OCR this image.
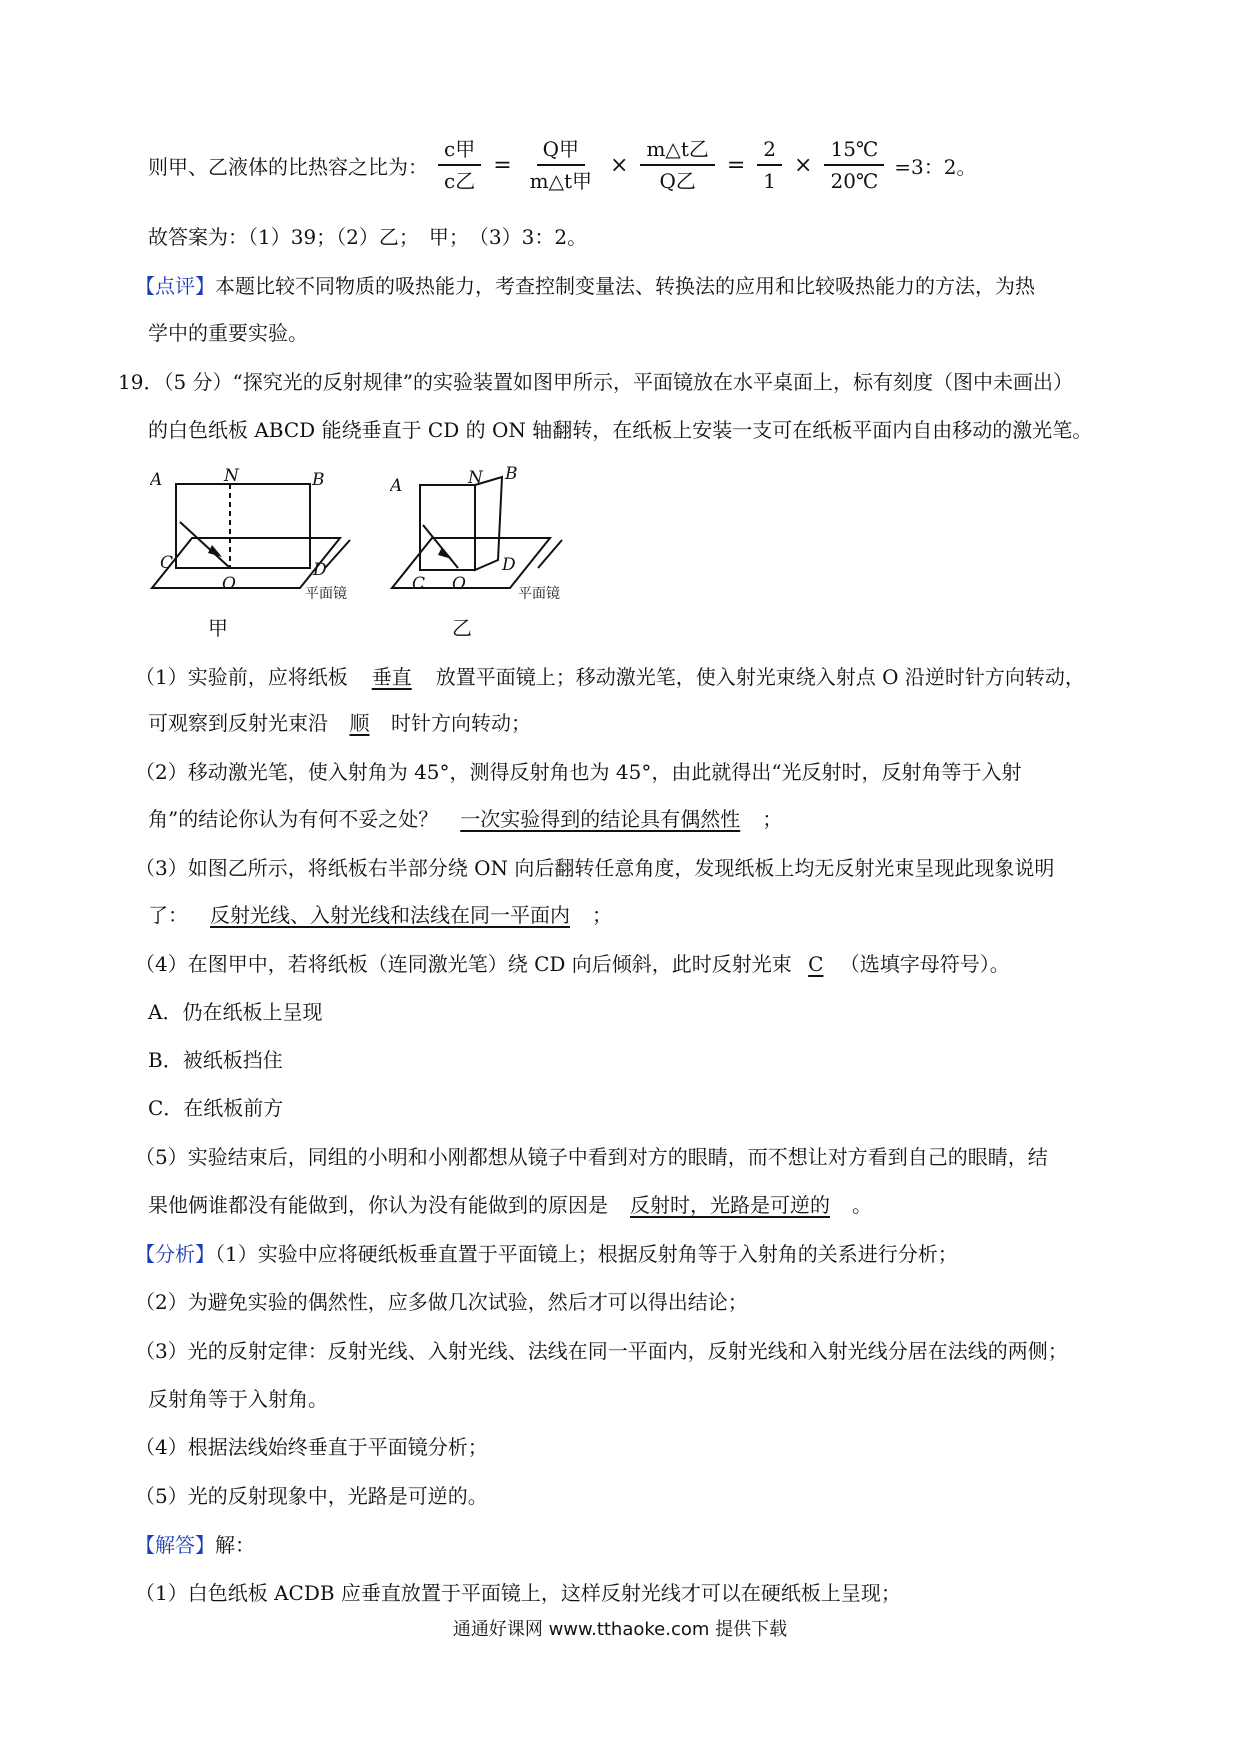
则甲、乙液体的比热容之比为： $\frac{\text{c甲}}{\text{c乙}} = \frac{\text{Q甲}}{\text{m△t甲}} \times \frac{\text{m△t乙}}{\text{Q乙}} = \frac{2}{1} \times \frac{15℃}{20℃} =3$：2。
故答案为：（1）39；（2）乙；　甲；　（3）3：2。
【点评】本题比较不同物质的吸热能力，考查控制变量法、转换法的应用和比较吸热能力的方法，为热
学中的重要实验。
19．（5 分）“探究光的反射规律”的实验装置如图甲所示，平面镜放在水平桌面上，标有刻度（图中未画出）
的白色纸板 ABCD 能绕垂直于 CD 的 ON 轴翻转，在纸板上安装一支可在纸板平面内自由移动的激光笔。
A	N	B
C
O
D
平面镜
甲
A	N B
C O
D
平面镜
乙
（1）实验前，应将纸板 垂直 放置平面镜上；移动激光笔，使入射光束绕入射点 O 沿逆时针方向转动，
可观察到反射光束沿 顺 时针方向转动；
（2）移动激光笔，使入射角为 45°，测得反射角也为 45°，由此就得出“光反射时，反射角等于入射
角”的结论你认为有何不妥之处？ 一次实验得到的结论具有偶然性 ；
（3）如图乙所示，将纸板右半部分绕 ON 向后翻转任意角度，发现纸板上均无反射光束呈现此现象说明
了： 反射光线、入射光线和法线在同一平面内 ；
（4）在图甲中，若将纸板（连同激光笔）绕 CD 向后倾斜，此时反射光束 C （选填字母符号）。
A．仍在纸板上呈现
B．被纸板挡住
C．在纸板前方
（5）实验结束后，同组的小明和小刚都想从镜子中看到对方的眼睛，而不想让对方看到自己的眼睛，结
果他俩谁都没有能做到，你认为没有能做到的原因是 反射时，光路是可逆的 。
【分析】（1）实验中应将硬纸板垂直置于平面镜上；根据反射角等于入射角的关系进行分析；
（2）为避免实验的偶然性，应多做几次试验，然后才可以得出结论；
（3）光的反射定律：反射光线、入射光线、法线在同一平面内，反射光线和入射光线分居在法线的两侧；
反射角等于入射角。
（4）根据法线始终垂直于平面镜分析；
（5）光的反射现象中，光路是可逆的。
【解答】解：
（1）白色纸板 ACDB 应垂直放置于平面镜上，这样反射光线才可以在硬纸板上呈现；
通通好课网 www.tthaoke.com 提供下载
